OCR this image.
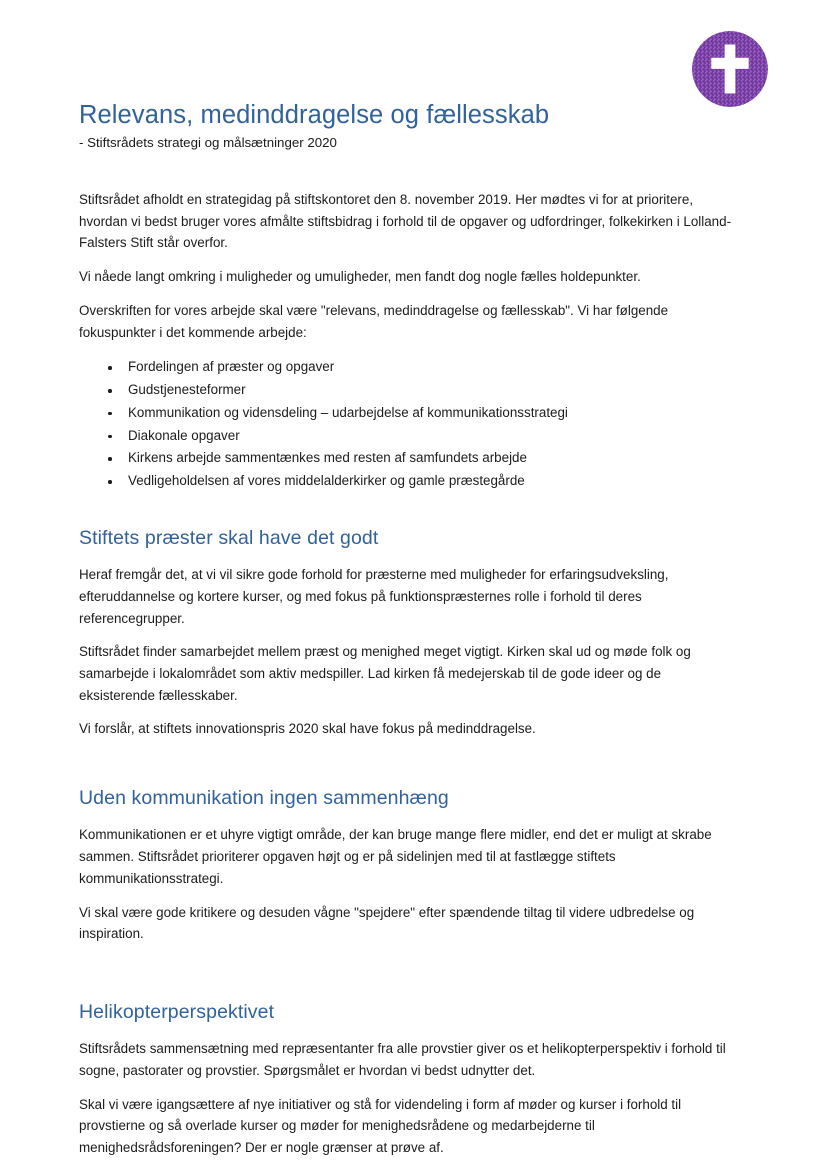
Relevans, medinddragelse og fællesskab
- Stiftsrådets strategi og målsætninger 2020

Stiftsrådet afholdt en strategidag på stiftskontoret den 8. november 2019. Her mødtes vi for at prioritere, hvordan vi bedst bruger vores afmålte stiftsbidrag i forhold til de opgaver og udfordringer, folkekirken i Lolland-Falsters Stift står overfor.

Vi nåede langt omkring i muligheder og umuligheder, men fandt dog nogle fælles holdepunkter.

Overskriften for vores arbejde skal være "relevans, medinddragelse og fællesskab". Vi har følgende fokuspunkter i det kommende arbejde:

Fordelingen af præster og opgaver
Gudstjenesteformer
Kommunikation og vidensdeling – udarbejdelse af kommunikationsstrategi
Diakonale opgaver
Kirkens arbejde sammentænkes med resten af samfundets arbejde
Vedligeholdelsen af vores middelalderkirker og gamle præstegårde
Stiftets præster skal have det godt

Heraf fremgår det, at vi vil sikre gode forhold for præsterne med muligheder for erfaringsudveksling, efteruddannelse og kortere kurser, og med fokus på funktionspræsternes rolle i forhold til deres referencegrupper.

Stiftsrådet finder samarbejdet mellem præst og menighed meget vigtigt. Kirken skal ud og møde folk og samarbejde i lokalområdet som aktiv medspiller. Lad kirken få medejerskab til de gode ideer og de eksisterende fællesskaber.

Vi forslår, at stiftets innovationspris 2020 skal have fokus på medinddragelse.

Uden kommunikation ingen sammenhæng

Kommunikationen er et uhyre vigtigt område, der kan bruge mange flere midler, end det er muligt at skrabe sammen. Stiftsrådet prioriterer opgaven højt og er på sidelinjen med til at fastlægge stiftets kommunikationsstrategi.

Vi skal være gode kritikere og desuden vågne "spejdere" efter spændende tiltag til videre udbredelse og inspiration.

Helikopterperspektivet

Stiftsrådets sammensætning med repræsentanter fra alle provstier giver os et helikopterperspektiv i forhold til sogne, pastorater og provstier. Spørgsmålet er hvordan vi bedst udnytter det.

Skal vi være igangsættere af nye initiativer og stå for videndeling i form af møder og kurser i forhold til provstierne og så overlade kurser og møder for menighedsrådene og medarbejderne til menighedsrådsforeningen? Der er nogle grænser at prøve af.
